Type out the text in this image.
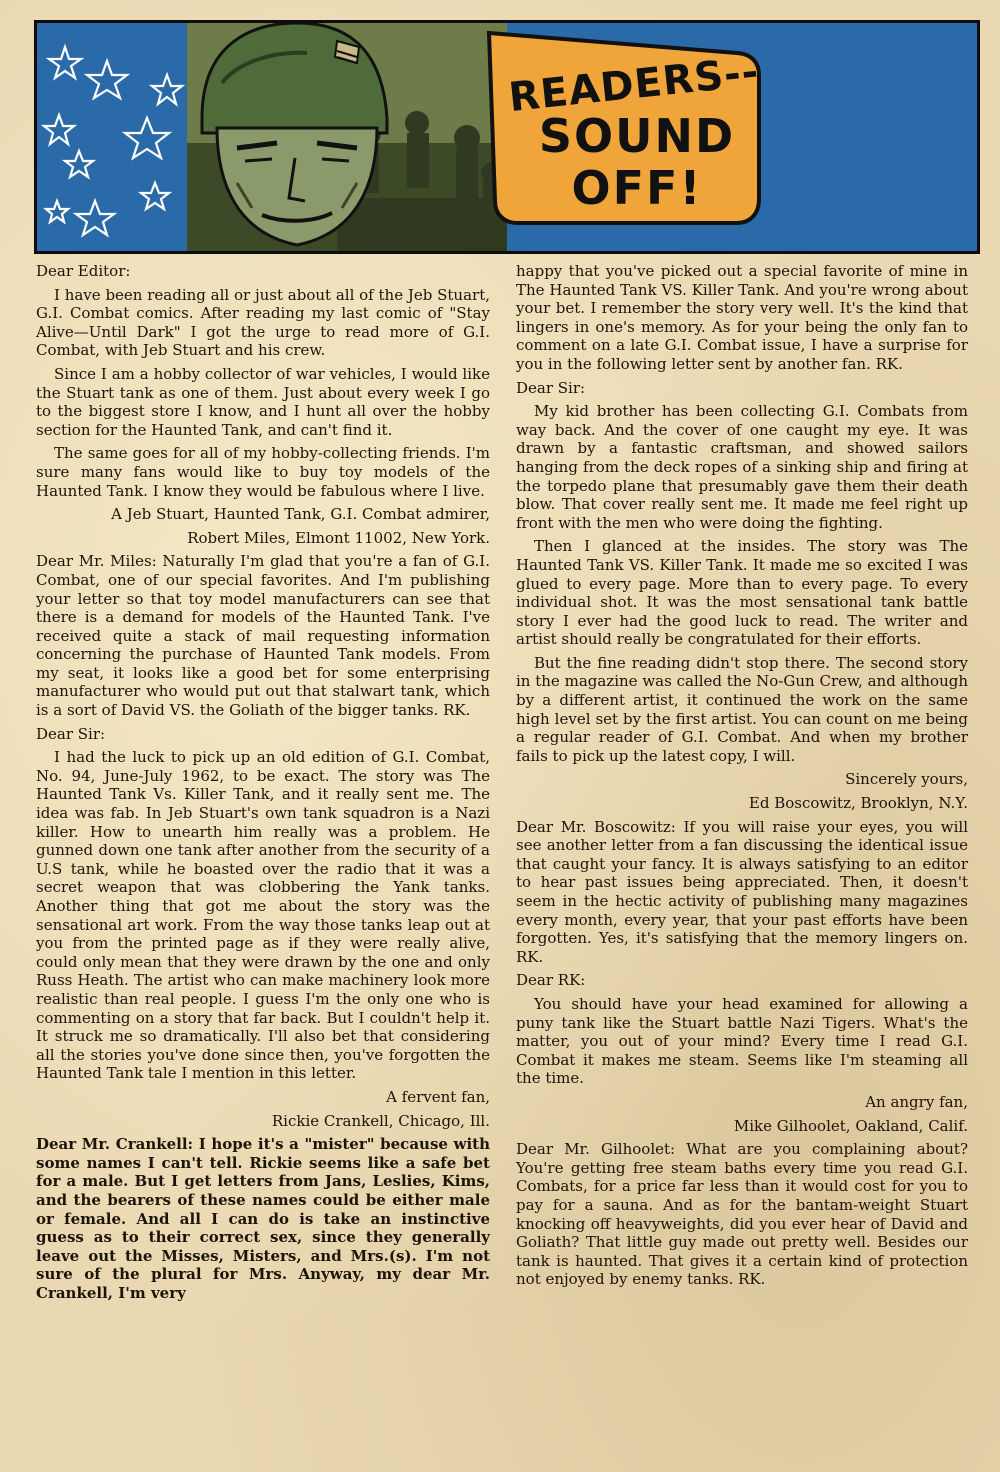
READERS--
SOUND
OFF!

Dear Editor:

I have been reading all or just about all of the Jeb Stuart, G.I. Combat comics. After reading my last comic of "Stay Alive—Until Dark" I got the urge to read more of G.I. Combat, with Jeb Stuart and his crew.

Since I am a hobby collector of war vehicles, I would like the Stuart tank as one of them. Just about every week I go to the biggest store I know, and I hunt all over the hobby section for the Haunted Tank, and can't find it.

The same goes for all of my hobby-collecting friends. I'm sure many fans would like to buy toy models of the Haunted Tank. I know they would be fabulous where I live.

A Jeb Stuart, Haunted Tank, G.I. Combat admirer,

Robert Miles, Elmont 11002, New York.

Dear Mr. Miles: Naturally I'm glad that you're a fan of G.I. Combat, one of our special favorites. And I'm publishing your letter so that toy model manufacturers can see that there is a demand for models of the Haunted Tank. I've received quite a stack of mail requesting information concerning the purchase of Haunted Tank models. From my seat, it looks like a good bet for some enterprising manufacturer who would put out that stalwart tank, which is a sort of David VS. the Goliath of the bigger tanks. RK.

Dear Sir:

I had the luck to pick up an old edition of G.I. Combat, No. 94, June-July 1962, to be exact. The story was The Haunted Tank Vs. Killer Tank, and it really sent me. The idea was fab. In Jeb Stuart's own tank squadron is a Nazi killer. How to unearth him really was a problem. He gunned down one tank after another from the security of a U.S tank, while he boasted over the radio that it was a secret weapon that was clobbering the Yank tanks. Another thing that got me about the story was the sensational art work. From the way those tanks leap out at you from the printed page as if they were really alive, could only mean that they were drawn by the one and only Russ Heath. The artist who can make machinery look more realistic than real people. I guess I'm the only one who is commenting on a story that far back. But I couldn't help it. It struck me so dramatically. I'll also bet that considering all the stories you've done since then, you've forgotten the Haunted Tank tale I mention in this letter.

A fervent fan,

Rickie Crankell, Chicago, Ill.

Dear Mr. Crankell: I hope it's a "mister" because with some names I can't tell. Rickie seems like a safe bet for a male. But I get letters from Jans, Leslies, Kims, and the bearers of these names could be either male or female. And all I can do is take an instinctive guess as to their correct sex, since they generally leave out the Misses, Misters, and Mrs.(s). I'm not sure of the plural for Mrs. Anyway, my dear Mr. Crankell, I'm very

happy that you've picked out a special favorite of mine in The Haunted Tank VS. Killer Tank. And you're wrong about your bet. I remember the story very well. It's the kind that lingers in one's memory. As for your being the only fan to comment on a late G.I. Combat issue, I have a surprise for you in the following letter sent by another fan. RK.

Dear Sir:

My kid brother has been collecting G.I. Combats from way back. And the cover of one caught my eye. It was drawn by a fantastic craftsman, and showed sailors hanging from the deck ropes of a sinking ship and firing at the torpedo plane that presumably gave them their death blow. That cover really sent me. It made me feel right up front with the men who were doing the fighting.

Then I glanced at the insides. The story was The Haunted Tank VS. Killer Tank. It made me so excited I was glued to every page. More than to every page. To every individual shot. It was the most sensational tank battle story I ever had the good luck to read. The writer and artist should really be congratulated for their efforts.

But the fine reading didn't stop there. The second story in the magazine was called the No-Gun Crew, and although by a different artist, it continued the work on the same high level set by the first artist. You can count on me being a regular reader of G.I. Combat. And when my brother fails to pick up the latest copy, I will.

Sincerely yours,

Ed Boscowitz, Brooklyn, N.Y.

Dear Mr. Boscowitz: If you will raise your eyes, you will see another letter from a fan discussing the identical issue that caught your fancy. It is always satisfying to an editor to hear past issues being appreciated. Then, it doesn't seem in the hectic activity of publishing many magazines every month, every year, that your past efforts have been forgotten. Yes, it's satisfying that the memory lingers on. RK.

Dear RK:

You should have your head examined for allowing a puny tank like the Stuart battle Nazi Tigers. What's the matter, you out of your mind? Every time I read G.I. Combat it makes me steam. Seems like I'm steaming all the time.

An angry fan,

Mike Gilhoolet, Oakland, Calif.

Dear Mr. Gilhoolet: What are you complaining about? You're getting free steam baths every time you read G.I. Combats, for a price far less than it would cost for you to pay for a sauna. And as for the bantam-weight Stuart knocking off heavyweights, did you ever hear of David and Goliath? That little guy made out pretty well. Besides our tank is haunted. That gives it a certain kind of protection not enjoyed by enemy tanks. RK.
